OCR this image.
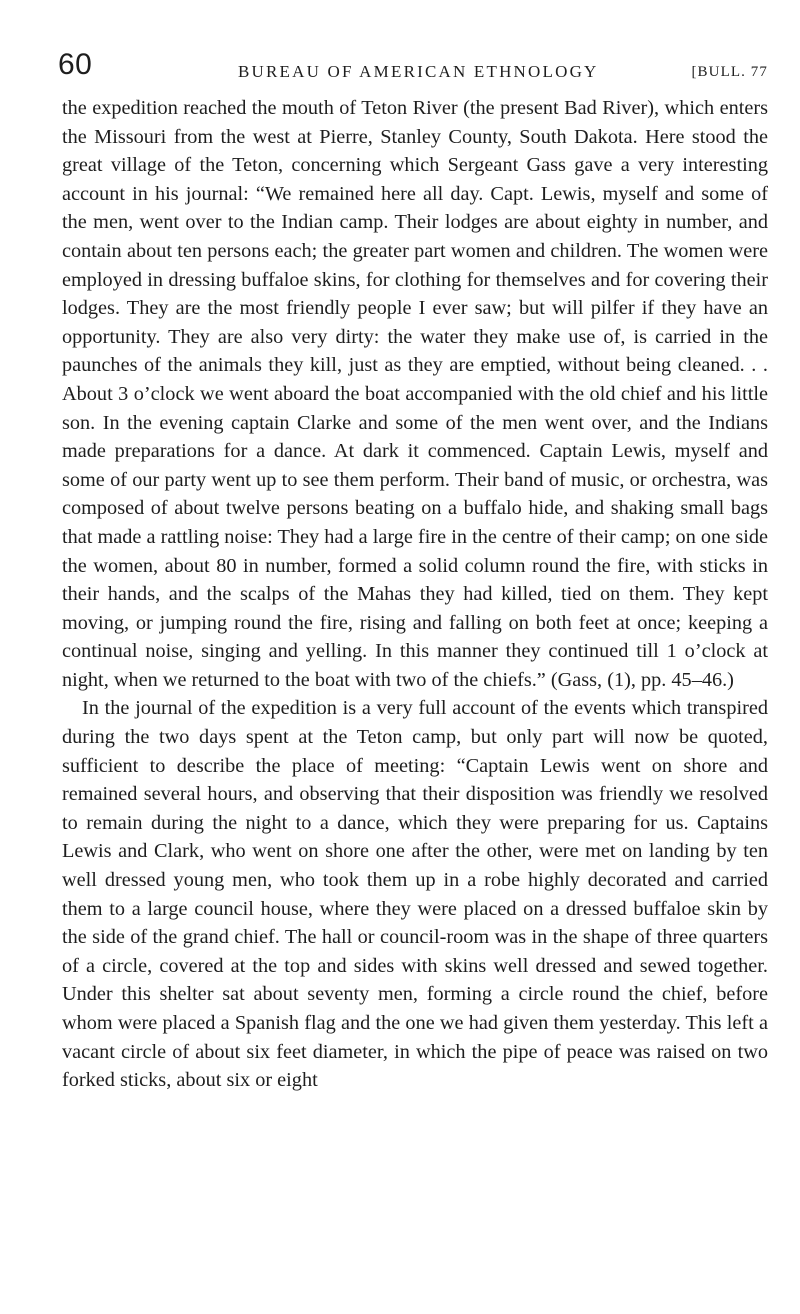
60	BUREAU OF AMERICAN ETHNOLOGY	[BULL. 77

the expedition reached the mouth of Teton River (the present Bad River), which enters the Missouri from the west at Pierre, Stanley County, South Dakota. Here stood the great village of the Teton, concerning which Sergeant Gass gave a very interesting account in his journal: “We remained here all day. Capt. Lewis, myself and some of the men, went over to the Indian camp. Their lodges are about eighty in number, and contain about ten persons each; the greater part women and children. The women were employed in dressing buffaloe skins, for clothing for themselves and for covering their lodges. They are the most friendly people I ever saw; but will pilfer if they have an opportunity. They are also very dirty: the water they make use of, is carried in the paunches of the animals they kill, just as they are emptied, without being cleaned. . . About 3 o’clock we went aboard the boat accompanied with the old chief and his little son. In the evening captain Clarke and some of the men went over, and the Indians made preparations for a dance. At dark it commenced. Captain Lewis, myself and some of our party went up to see them perform. Their band of music, or orchestra, was composed of about twelve persons beating on a buffalo hide, and shaking small bags that made a rattling noise: They had a large fire in the centre of their camp; on one side the women, about 80 in number, formed a solid column round the fire, with sticks in their hands, and the scalps of the Mahas they had killed, tied on them. They kept moving, or jumping round the fire, rising and falling on both feet at once; keeping a continual noise, singing and yelling. In this manner they continued till 1 o’clock at night, when we returned to the boat with two of the chiefs.” (Gass, (1), pp. 45–46.)

In the journal of the expedition is a very full account of the events which transpired during the two days spent at the Teton camp, but only part will now be quoted, sufficient to describe the place of meeting: “Captain Lewis went on shore and remained several hours, and observing that their disposition was friendly we resolved to remain during the night to a dance, which they were preparing for us. Captains Lewis and Clark, who went on shore one after the other, were met on landing by ten well dressed young men, who took them up in a robe highly decorated and carried them to a large council house, where they were placed on a dressed buffaloe skin by the side of the grand chief. The hall or council-room was in the shape of three quarters of a circle, covered at the top and sides with skins well dressed and sewed together. Under this shelter sat about seventy men, forming a circle round the chief, before whom were placed a Spanish flag and the one we had given them yesterday. This left a vacant circle of about six feet diameter, in which the pipe of peace was raised on two forked sticks, about six or eight
